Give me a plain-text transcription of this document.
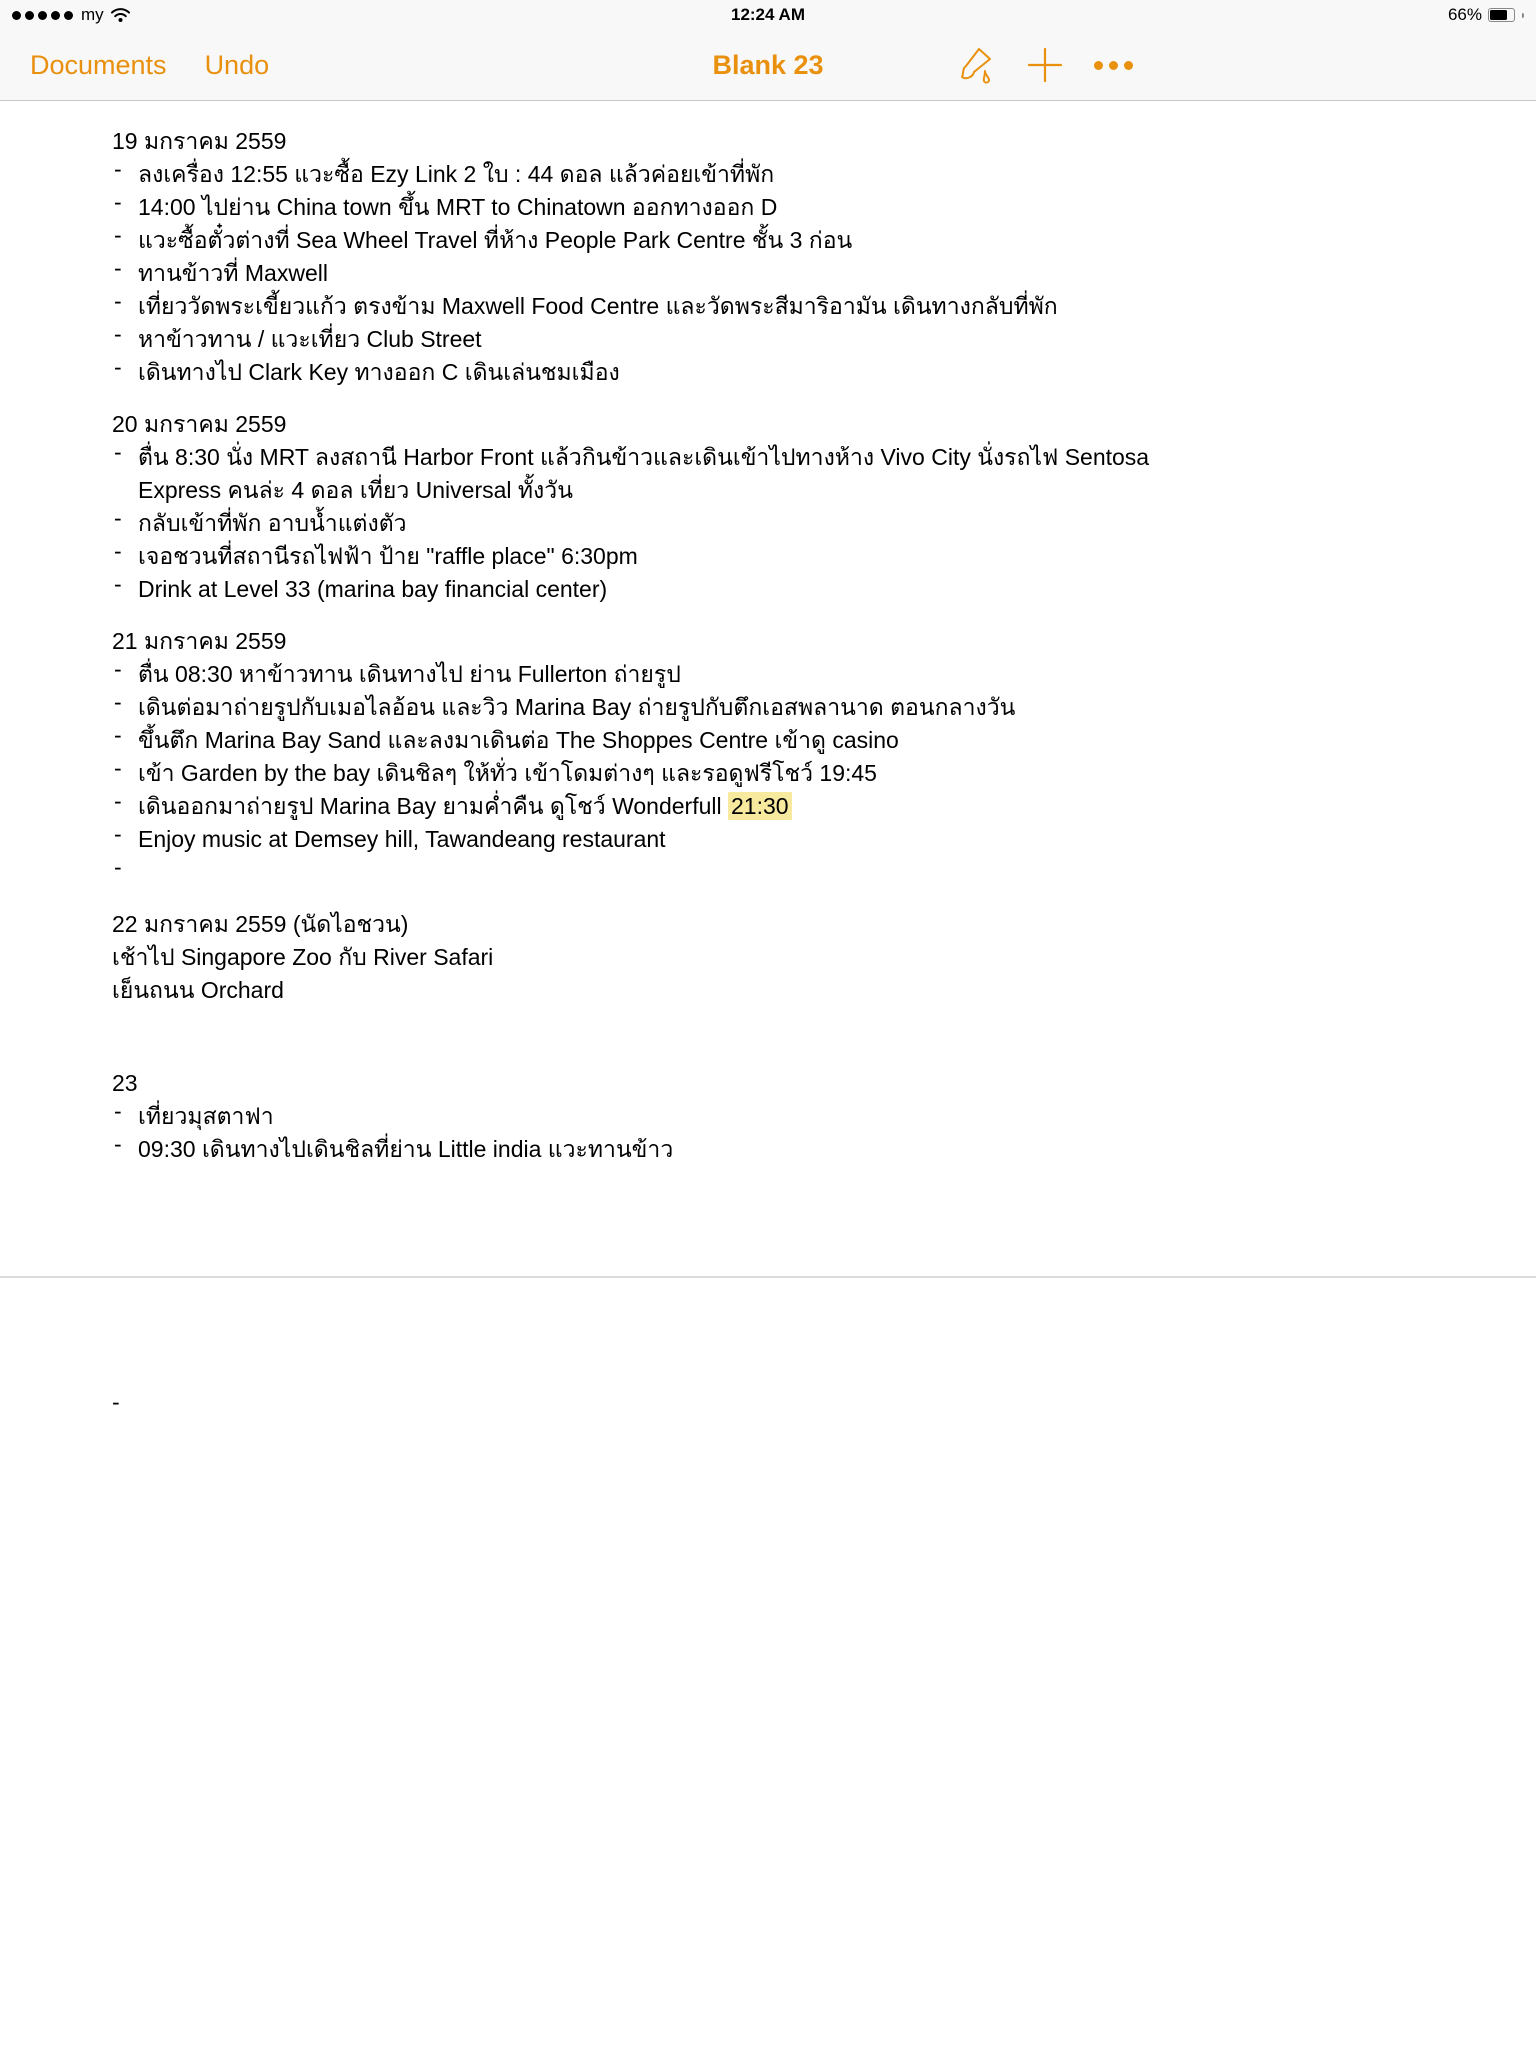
my	12:24 AM	66%
Documents Undo	Blank 23
19 มกราคม 2559
- ลงเครื่อง 12:55 แวะซื้อ Ezy Link 2 ใบ : 44 ดอล แล้วค่อยเข้าที่พัก
- 14:00 ไปย่าน China town ขึ้น MRT to Chinatown ออกทางออก D
- แวะซื้อตั๋วต่างที่ Sea Wheel Travel ที่ห้าง People Park Centre ชั้น 3 ก่อน
- ทานข้าวที่ Maxwell
- เที่ยววัดพระเขี้ยวแก้ว ตรงข้าม Maxwell Food Centre และวัดพระสีมาริอามัน เดินทางกลับที่พัก
- หาข้าวทาน / แวะเที่ยว Club Street
- เดินทางไป Clark Key ทางออก C เดินเล่นชมเมือง
20 มกราคม 2559
- ตื่น 8:30 นั่ง MRT ลงสถานี Harbor Front แล้วกินข้าวและเดินเข้าไปทางห้าง Vivo City นั่งรถไฟ Sentosa
Express คนล่ะ 4 ดอล เที่ยว Universal ทั้งวัน
- กลับเข้าที่พัก อาบน้ำแต่งตัว
- เจอชวนที่สถานีรถไฟฟ้า ป้าย "raffle place" 6:30pm
- Drink at Level 33 (marina bay financial center)
21 มกราคม 2559
- ตื่น 08:30 หาข้าวทาน เดินทางไป ย่าน Fullerton ถ่ายรูป
- เดินต่อมาถ่ายรูปกับเมอไลอ้อน และวิว Marina Bay ถ่ายรูปกับตึกเอสพลานาด ตอนกลางวัน
- ขึ้นตึก Marina Bay Sand และลงมาเดินต่อ The Shoppes Centre เข้าดู casino
- เข้า Garden by the bay เดินชิลๆ ให้ทั่ว เข้าโดมต่างๆ และรอดูฟรีโชว์ 19:45
- เดินออกมาถ่ายรูป Marina Bay ยามค่ำคืน ดูโชว์ Wonderfull 21:30
- Enjoy music at Demsey hill, Tawandeang restaurant
-
22 มกราคม 2559 (นัดไอชวน)
เช้าไป Singapore Zoo กับ River Safari
เย็นถนน Orchard
23
- เที่ยวมุสตาฟา
- 09:30 เดินทางไปเดินชิลที่ย่าน Little india แวะทานข้าว
-
